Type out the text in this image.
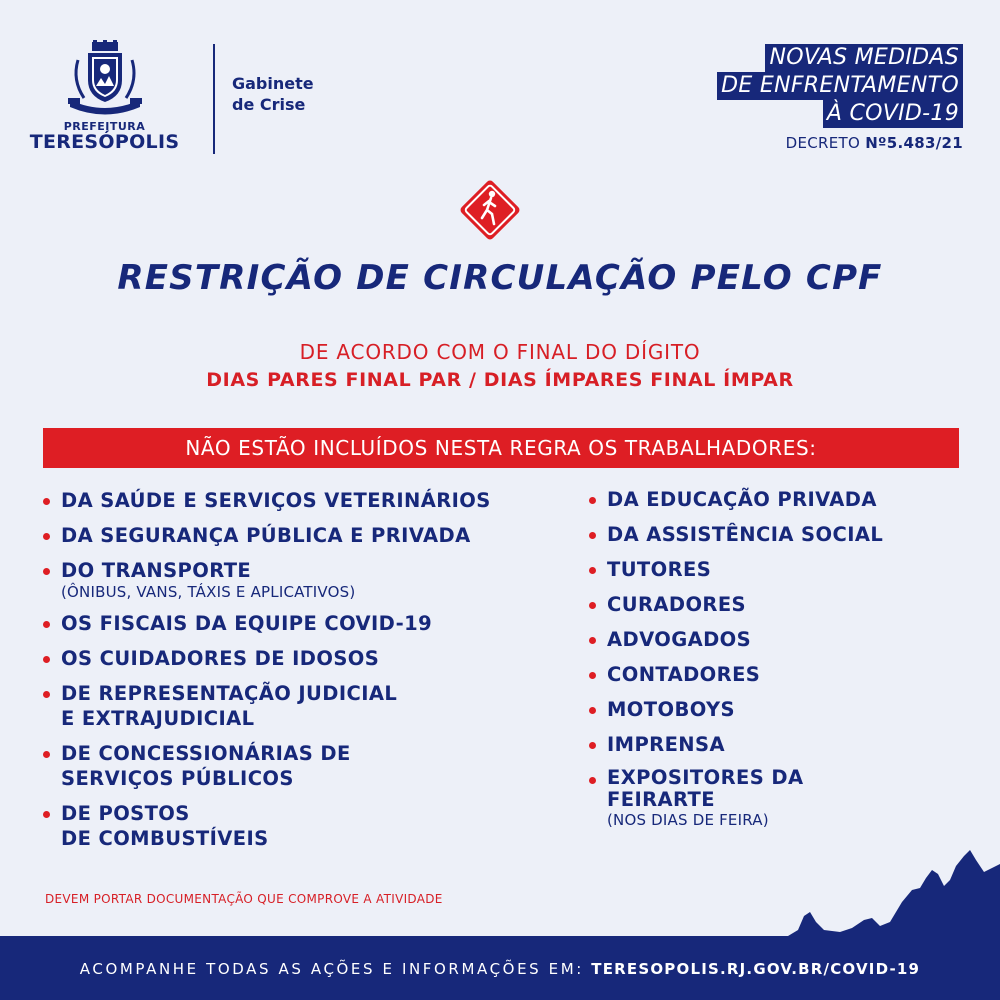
PREFEITURA
TERESÓPOLIS
Gabinete
de Crise
NOVAS MEDIDAS
DE ENFRENTAMENTO
À COVID-19
DECRETO Nº5.483/21
RESTRIÇÃO DE CIRCULAÇÃO PELO CPF
DE ACORDO COM O FINAL DO DÍGITO
DIAS PARES FINAL PAR / DIAS ÍMPARES FINAL ÍMPAR
NÃO ESTÃO INCLUÍDOS NESTA REGRA OS TRABALHADORES:
DA SAÚDE E SERVIÇOS VETERINÁRIOS
DA SEGURANÇA PÚBLICA E PRIVADA
DO TRANSPORTE
(ÔNIBUS, VANS, TÁXIS E APLICATIVOS)
OS FISCAIS DA EQUIPE COVID-19
OS CUIDADORES DE IDOSOS
DE REPRESENTAÇÃO JUDICIAL
E EXTRAJUDICIAL
DE CONCESSIONÁRIAS DE
SERVIÇOS PÚBLICOS
DE POSTOS
DE COMBUSTÍVEIS
DA EDUCAÇÃO PRIVADA
DA ASSISTÊNCIA SOCIAL
TUTORES
CURADORES
ADVOGADOS
CONTADORES
MOTOBOYS
IMPRENSA
EXPOSITORES DA
FEIRARTE
(NOS DIAS DE FEIRA)
DEVEM PORTAR DOCUMENTAÇÃO QUE COMPROVE A ATIVIDADE
ACOMPANHE TODAS AS AÇÕES E INFORMAÇÕES EM: TERESOPOLIS.RJ.GOV.BR/COVID-19
